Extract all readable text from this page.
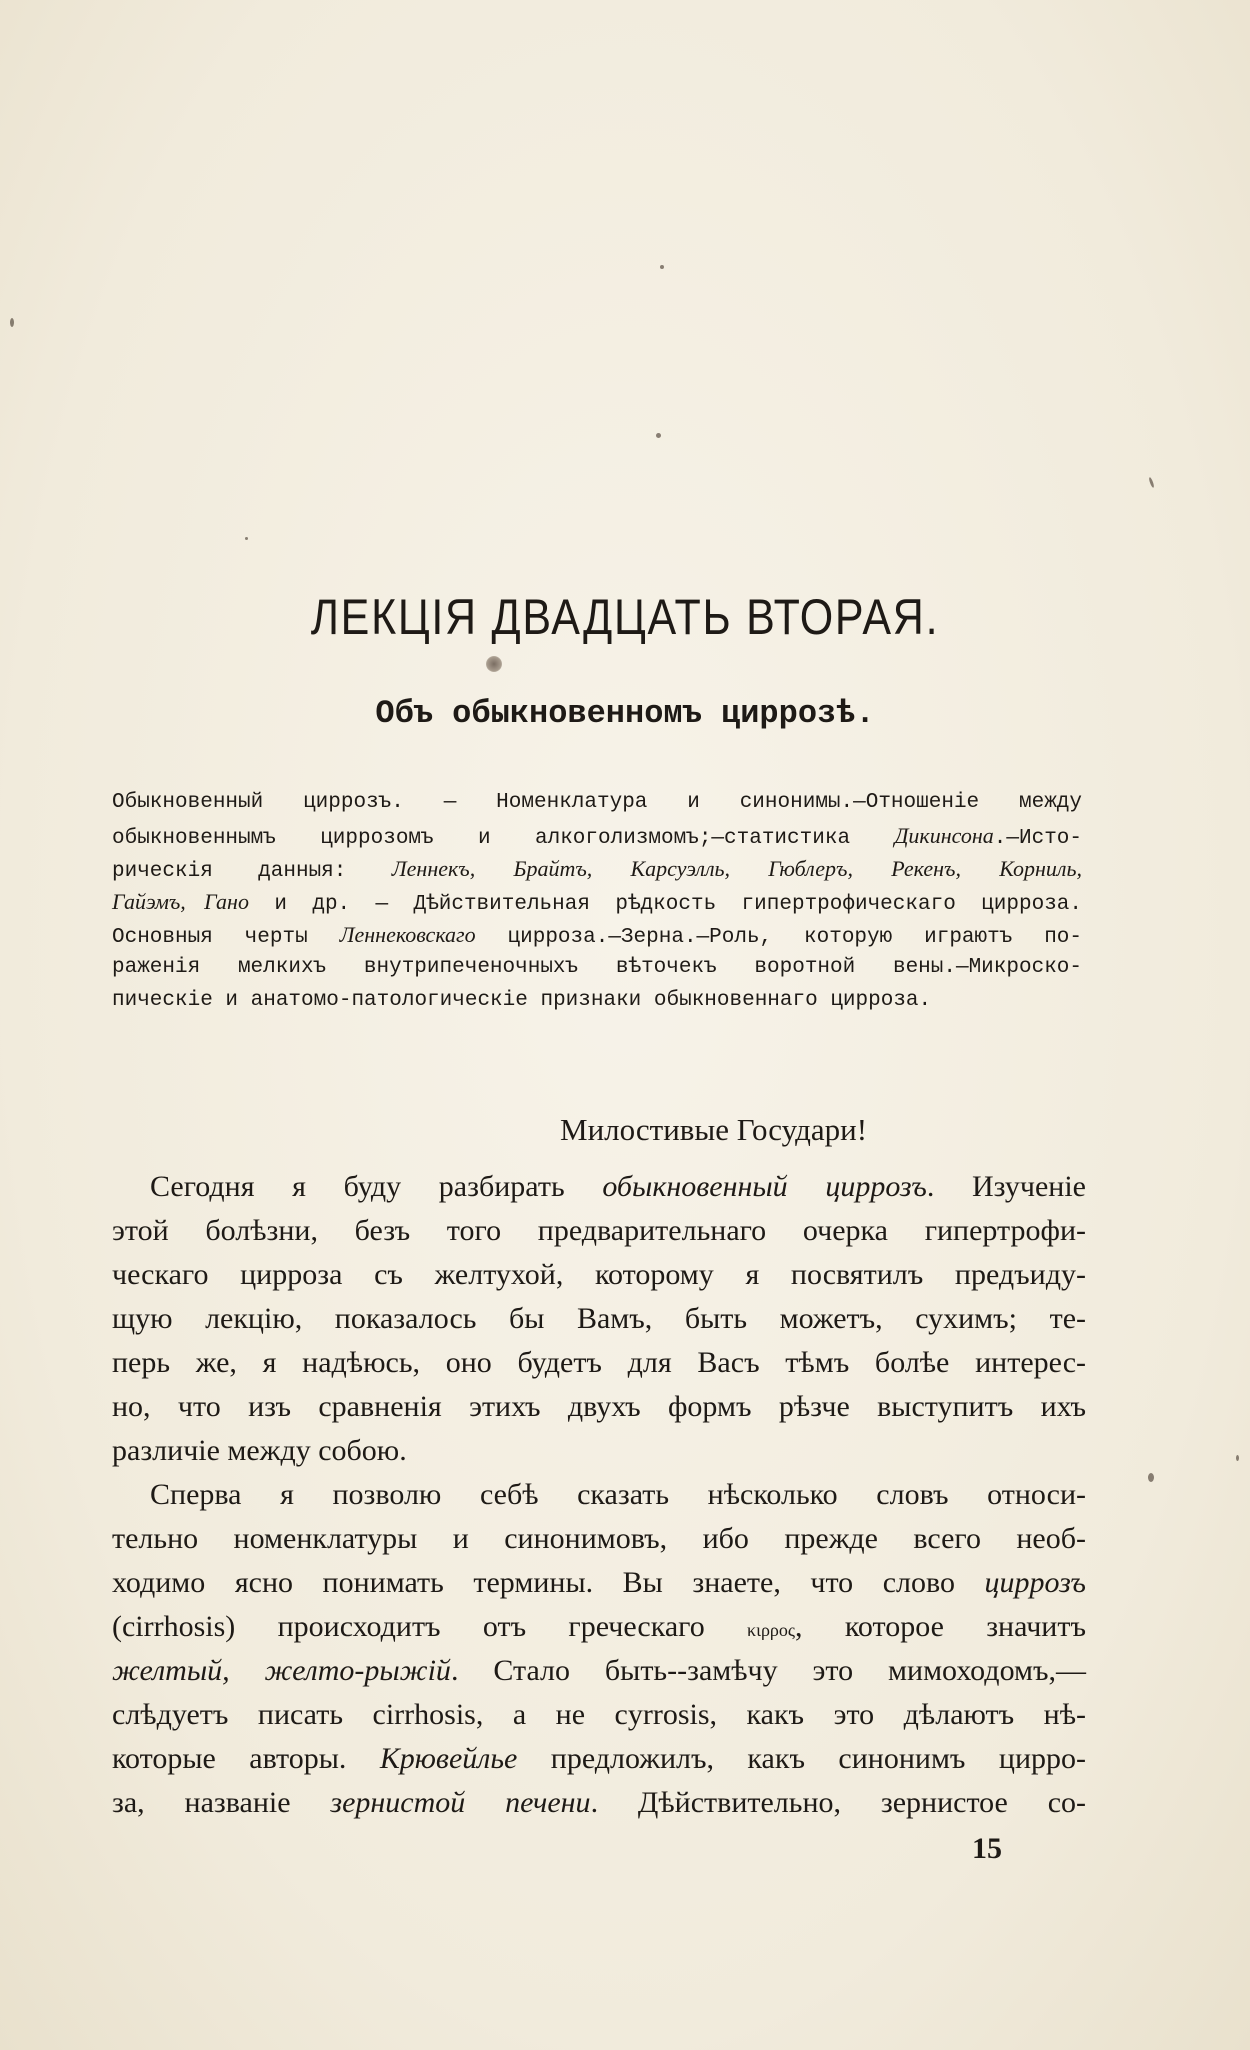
ЛЕКЦІЯ ДВАДЦАТЬ ВТОРАЯ.
Объ обыкновенномъ циррозѣ.
Обыкновенный циррозъ. — Номенклатура и синонимы.—Отношеніе между
обыкновеннымъ циррозомъ и алкоголизмомъ;—статистика Дикинсона.—Исто-
рическія данныя: Леннекъ, Брайтъ, Карсуэлль, Гюблеръ, Рекенъ, Корниль,
Гайэмъ, Гано и др. — Дѣйствительная рѣдкость гипертрофическаго цирроза.
Основныя черты Леннековскаго цирроза.—Зерна.—Роль, которую играютъ по-
раженія мелкихъ внутрипеченочныхъ вѣточекъ воротной вены.—Микроско-
пическіе и анатомо-патологическіе признаки обыкновеннаго цирроза.
Милостивые Государи!
Сегодня я буду разбирать обыкновенный циррозъ. Изученіе
этой болѣзни, безъ того предварительнаго очерка гипертрофи-
ческаго цирроза съ желтухой, которому я посвятилъ предъиду-
щую лекцію, показалось бы Вамъ, быть можетъ, сухимъ; те-
перь же, я надѣюсь, оно будетъ для Васъ тѣмъ болѣе интерес-
но, что изъ сравненія этихъ двухъ формъ рѣзче выступитъ ихъ
различіе между собою.
Сперва я позволю себѣ сказать нѣсколько словъ относи-
тельно номенклатуры и синонимовъ, ибо прежде всего необ-
ходимо ясно понимать термины. Вы знаете, что слово циррозъ
(cirrhosis) происходитъ отъ греческаго κιρρος, которое значитъ
желтый, желто-рыжій. Стало быть--замѣчу это мимоходомъ,—
слѣдуетъ писать cirrhosis, а не cyrrosis, какъ это дѣлаютъ нѣ-
которые авторы. Крювейлье предложилъ, какъ синонимъ цирро-
за, названіе зернистой печени. Дѣйствительно, зернистое со-
15
